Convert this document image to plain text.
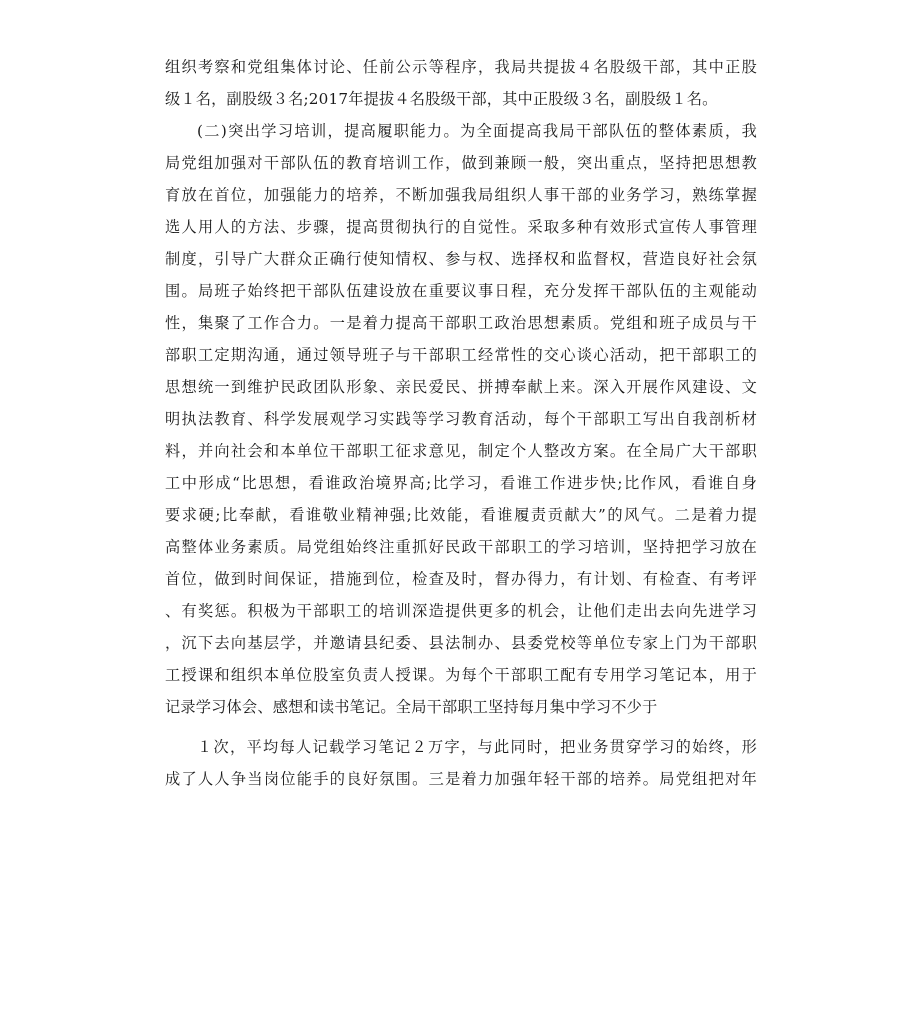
组织考察和党组集体讨论、任前公示等程序，我局共提拔４名股级干部，其中正股
级１名，副股级３名;2017年提拔４名股级干部，其中正股级３名，副股级１名。
(二)突出学习培训，提高履职能力。为全面提高我局干部队伍的整体素质，我
局党组加强对干部队伍的教育培训工作，做到兼顾一般，突出重点，坚持把思想教
育放在首位，加强能力的培养，不断加强我局组织人事干部的业务学习，熟练掌握
选人用人的方法、步骤，提高贯彻执行的自觉性。采取多种有效形式宣传人事管理
制度，引导广大群众正确行使知情权、参与权、选择权和监督权，营造良好社会氛
围。局班子始终把干部队伍建设放在重要议事日程，充分发挥干部队伍的主观能动
性，集聚了工作合力。一是着力提高干部职工政治思想素质。党组和班子成员与干
部职工定期沟通，通过领导班子与干部职工经常性的交心谈心活动，把干部职工的
思想统一到维护民政团队形象、亲民爱民、拼搏奉献上来。深入开展作风建设、文
明执法教育、科学发展观学习实践等学习教育活动，每个干部职工写出自我剖析材
料，并向社会和本单位干部职工征求意见，制定个人整改方案。在全局广大干部职
工中形成“比思想，看谁政治境界高;比学习，看谁工作进步快;比作风，看谁自身
要求硬;比奉献，看谁敬业精神强;比效能，看谁履责贡献大”的风气。二是着力提
高整体业务素质。局党组始终注重抓好民政干部职工的学习培训，坚持把学习放在
首位，做到时间保证，措施到位，检查及时，督办得力，有计划、有检查、有考评
、有奖惩。积极为干部职工的培训深造提供更多的机会，让他们走出去向先进学习
，沉下去向基层学，并邀请县纪委、县法制办、县委党校等单位专家上门为干部职
工授课和组织本单位股室负责人授课。为每个干部职工配有专用学习笔记本，用于
记录学习体会、感想和读书笔记。全局干部职工坚持每月集中学习不少于
１次，平均每人记载学习笔记２万字，与此同时，把业务贯穿学习的始终，形
成了人人争当岗位能手的良好氛围。三是着力加强年轻干部的培养。局党组把对年
